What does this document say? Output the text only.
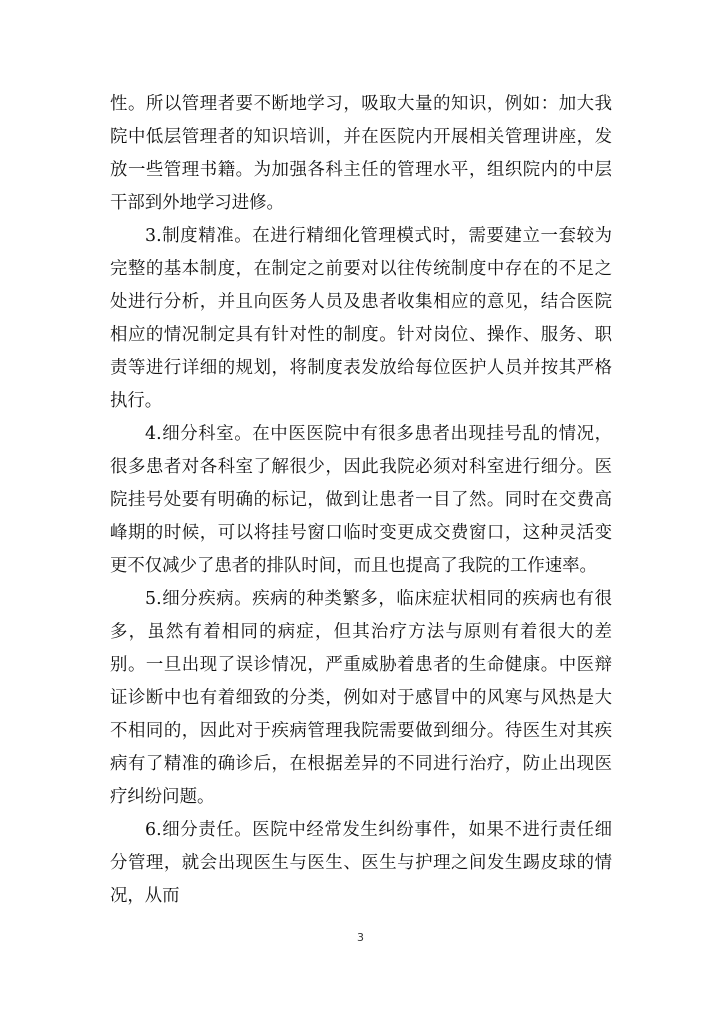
性。所以管理者要不断地学习，吸取大量的知识，例如：加大我院中低层管理者的知识培训，并在医院内开展相关管理讲座，发放一些管理书籍。为加强各科主任的管理水平，组织院内的中层干部到外地学习进修。

3.制度精准。在进行精细化管理模式时，需要建立一套较为完整的基本制度，在制定之前要对以往传统制度中存在的不足之处进行分析，并且向医务人员及患者收集相应的意见，结合医院相应的情况制定具有针对性的制度。针对岗位、操作、服务、职责等进行详细的规划，将制度表发放给每位医护人员并按其严格执行。

4.细分科室。在中医医院中有很多患者出现挂号乱的情况，很多患者对各科室了解很少，因此我院必须对科室进行细分。医院挂号处要有明确的标记，做到让患者一目了然。同时在交费高峰期的时候，可以将挂号窗口临时变更成交费窗口，这种灵活变更不仅减少了患者的排队时间，而且也提高了我院的工作速率。

5.细分疾病。疾病的种类繁多，临床症状相同的疾病也有很多，虽然有着相同的病症，但其治疗方法与原则有着很大的差别。一旦出现了误诊情况，严重威胁着患者的生命健康。中医辩证诊断中也有着细致的分类，例如对于感冒中的风寒与风热是大不相同的，因此对于疾病管理我院需要做到细分。待医生对其疾病有了精准的确诊后，在根据差异的不同进行治疗，防止出现医疗纠纷问题。

6.细分责任。医院中经常发生纠纷事件，如果不进行责任细分管理，就会出现医生与医生、医生与护理之间发生踢皮球的情况，从而

3
